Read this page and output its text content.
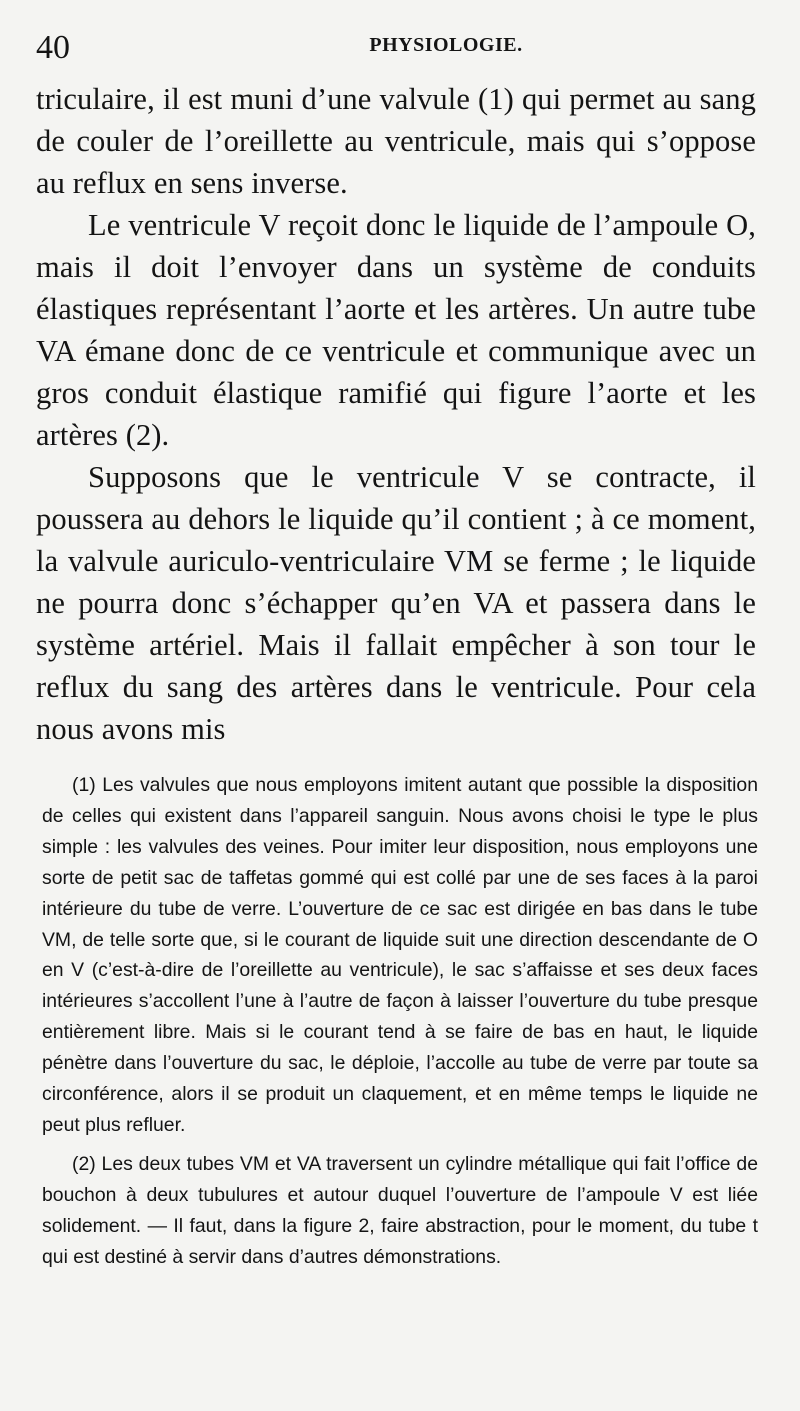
40	PHYSIOLOGIE.

triculaire, il est muni d’une valvule (1) qui permet au sang de couler de l’oreillette au ventricule, mais qui s’oppose au reflux en sens inverse.

Le ventricule V reçoit donc le liquide de l’ampoule O, mais il doit l’envoyer dans un système de conduits élastiques représentant l’aorte et les artères. Un autre tube VA émane donc de ce ventricule et communique avec un gros conduit élastique ramifié qui figure l’aorte et les artères (2).

Supposons que le ventricule V se contracte, il poussera au dehors le liquide qu’il contient ; à ce moment, la valvule auriculo-ventriculaire VM se ferme ; le liquide ne pourra donc s’échapper qu’en VA et passera dans le système artériel. Mais il fallait empêcher à son tour le reflux du sang des artères dans le ventricule. Pour cela nous avons mis

(1) Les valvules que nous employons imitent autant que possible la disposition de celles qui existent dans l’appareil sanguin. Nous avons choisi le type le plus simple : les valvules des veines. Pour imiter leur disposition, nous employons une sorte de petit sac de taffetas gommé qui est collé par une de ses faces à la paroi intérieure du tube de verre. L’ouverture de ce sac est dirigée en bas dans le tube VM, de telle sorte que, si le courant de liquide suit une direction descendante de O en V (c’est-à-dire de l’oreillette au ventricule), le sac s’affaisse et ses deux faces intérieures s’accollent l’une à l’autre de façon à laisser l’ouverture du tube presque entièrement libre. Mais si le courant tend à se faire de bas en haut, le liquide pénètre dans l’ouverture du sac, le déploie, l’accolle au tube de verre par toute sa circonférence, alors il se produit un claquement, et en même temps le liquide ne peut plus refluer.

(2) Les deux tubes VM et VA traversent un cylindre métallique qui fait l’office de bouchon à deux tubulures et autour duquel l’ouverture de l’ampoule V est liée solidement. — Il faut, dans la figure 2, faire abstraction, pour le moment, du tube t qui est destiné à servir dans d’autres démonstrations.
